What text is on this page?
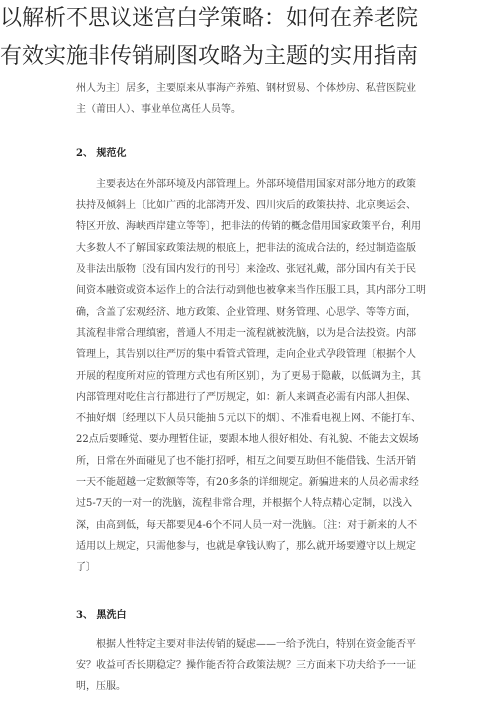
以解析不思议迷宫白学策略：如何在养老院
有效实施非传销刷图攻略为主题的实用指南

州人为主〕居多，主要原来从事海产养殖、钢材贸易、个体炒房、私营医院业

主（莆田人）、事业单位离任人员等。

2、 规范化

主要表达在外部环境及内部管理上。外部环境借用国家对部分地方的政策

扶持及倾斜上〔比如广西的北部湾开发、四川灾后的政策扶持、北京奥运会、

特区开放、海峡西岸建立等等〕，把非法的传销的概念借用国家政策平台，利用

大多数人不了解国家政策法规的根底上，把非法的流成合法的，经过制造盗版

及非法出版物〔没有国内发行的刊号〕来淦改、张冠礼戴，部分国内有关于民

间资本融资或资本运作上的合法行动到他也被拿来当作压服工具，其内部分工明

确，含盖了宏观经济、地方政策、企业管理、财务管理、心思学、等等方面，

其流程非常合理缜密，普通人不用走一流程就被洗脑，以为是合法投资。内部

管理上，其告别以往严厉的集中看管式管理，走向企业式孕段管理〔根据个人

开展的程度所对应的管理方式也有所区别〕，为了更易于隐蔽，以低调为主，其

内部管理对吃住言行都进行了严厉规定，如：新人来调查必需有内部人担保、

不抽好烟〔经理以下人员只能抽５元以下的烟〕、不准看电视上网、不能打车、

22点后要睡觉、要办理暂住证，要跟本地人很好相处、有礼貌、不能去文娱场

所，日常在外面碰见了也不能打招呼，相互之间要互助但不能借钱、生活开销

一天不能超越一定数额等等，有20多条的详细规定。新骗进来的人员必需求经

过5-7天的一对一的洗脑，流程非常合理，并根据个人特点精心定制，以浅入

深，由高到低，每天都要见4-6个不同人员一对一洗脑。〔注：对于新来的人不

适用以上规定，只需他参与，也就是拿钱认购了，那么就开场要遵守以上规定

了〕

3、 黑洗白

根据人性特定主要对非法传销的疑虑——一给予洗白，特别在资金能否平

安？收益可否长期稳定？操作能否符合政策法规？三方面来下功夫给予一一证

明，压服。
